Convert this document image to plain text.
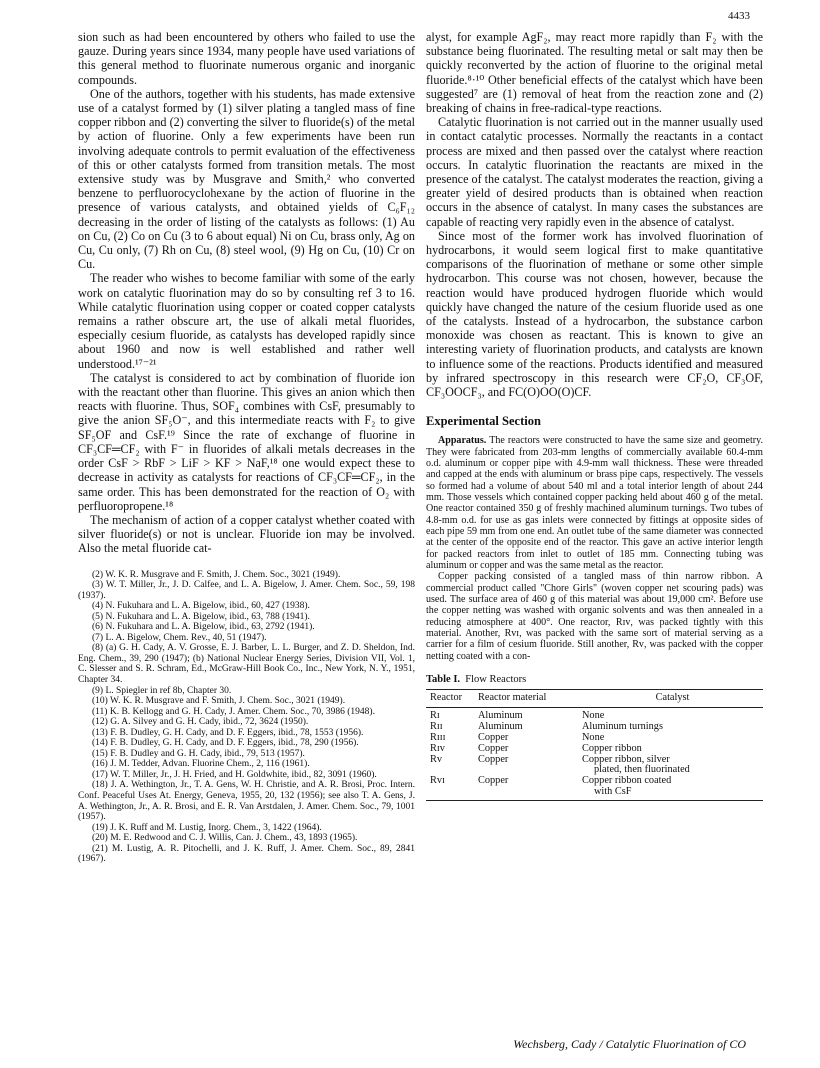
4433

sion such as had been encountered by others who failed to use the gauze. During years since 1934, many people have used variations of this general method to fluorinate numerous organic and inorganic compounds.

One of the authors, together with his students, has made extensive use of a catalyst formed by (1) silver plating a tangled mass of fine copper ribbon and (2) converting the silver to fluoride(s) of the metal by action of fluorine. Only a few experiments have been run involving adequate controls to permit evaluation of the effectiveness of this or other catalysts formed from transition metals. The most extensive study was by Musgrave and Smith,² who converted benzene to perfluorocyclohexane by the action of fluorine in the presence of various catalysts, and obtained yields of C₆F₁₂ decreasing in the order of listing of the catalysts as follows: (1) Au on Cu, (2) Co on Cu (3 to 6 about equal) Ni on Cu, brass only, Ag on Cu, Cu only, (7) Rh on Cu, (8) steel wool, (9) Hg on Cu, (10) Cr on Cu.

The reader who wishes to become familiar with some of the early work on catalytic fluorination may do so by consulting ref 3 to 16. While catalytic fluorination using copper or coated copper catalysts remains a rather obscure art, the use of alkali metal fluorides, especially cesium fluoride, as catalysts has developed rapidly since about 1960 and now is well established and rather well understood.¹⁷⁻²¹

The catalyst is considered to act by combination of fluoride ion with the reactant other than fluorine. This gives an anion which then reacts with fluorine. Thus, SOF₄ combines with CsF, presumably to give the anion SF₅O⁻, and this intermediate reacts with F₂ to give SF₅OF and CsF.¹⁹ Since the rate of exchange of fluorine in CF₃CF═CF₂ with F⁻ in fluorides of alkali metals decreases in the order CsF > RbF > LiF > KF > NaF,¹⁸ one would expect these to decrease in activity as catalysts for reactions of CF₃CF═CF₂, in the same order. This has been demonstrated for the reaction of O₂ with perfluoropropene.¹⁸

The mechanism of action of a copper catalyst whether coated with silver fluoride(s) or not is unclear. Fluoride ion may be involved. Also the metal fluoride cat-

(2) W. K. R. Musgrave and F. Smith, J. Chem. Soc., 3021 (1949).

(3) W. T. Miller, Jr., J. D. Calfee, and L. A. Bigelow, J. Amer. Chem. Soc., 59, 198 (1937).

(4) N. Fukuhara and L. A. Bigelow, ibid., 60, 427 (1938).

(5) N. Fukuhara and L. A. Bigelow, ibid., 63, 788 (1941).

(6) N. Fukuhara and L. A. Bigelow, ibid., 63, 2792 (1941).

(7) L. A. Bigelow, Chem. Rev., 40, 51 (1947).

(8) (a) G. H. Cady, A. V. Grosse, E. J. Barber, L. L. Burger, and Z. D. Sheldon, Ind. Eng. Chem., 39, 290 (1947); (b) National Nuclear Energy Series, Division VII, Vol. 1, C. Slesser and S. R. Schram, Ed., McGraw-Hill Book Co., Inc., New York, N. Y., 1951, Chapter 34.

(9) L. Spiegler in ref 8b, Chapter 30.

(10) W. K. R. Musgrave and F. Smith, J. Chem. Soc., 3021 (1949).

(11) K. B. Kellogg and G. H. Cady, J. Amer. Chem. Soc., 70, 3986 (1948).

(12) G. A. Silvey and G. H. Cady, ibid., 72, 3624 (1950).

(13) F. B. Dudley, G. H. Cady, and D. F. Eggers, ibid., 78, 1553 (1956).

(14) F. B. Dudley, G. H. Cady, and D. F. Eggers, ibid., 78, 290 (1956).

(15) F. B. Dudley and G. H. Cady, ibid., 79, 513 (1957).

(16) J. M. Tedder, Advan. Fluorine Chem., 2, 116 (1961).

(17) W. T. Miller, Jr., J. H. Fried, and H. Goldwhite, ibid., 82, 3091 (1960).

(18) J. A. Wethington, Jr., T. A. Gens, W. H. Christie, and A. R. Brosi, Proc. Intern. Conf. Peaceful Uses At. Energy, Geneva, 1955, 20, 132 (1956); see also T. A. Gens, J. A. Wethington, Jr., A. R. Brosi, and E. R. Van Arstdalen, J. Amer. Chem. Soc., 79, 1001 (1957).

(19) J. K. Ruff and M. Lustig, Inorg. Chem., 3, 1422 (1964).

(20) M. E. Redwood and C. J. Willis, Can. J. Chem., 43, 1893 (1965).

(21) M. Lustig, A. R. Pitochelli, and J. K. Ruff, J. Amer. Chem. Soc., 89, 2841 (1967).

alyst, for example AgF₂, may react more rapidly than F₂ with the substance being fluorinated. The resulting metal or salt may then be quickly reconverted by the action of fluorine to the original metal fluoride.⁸·¹⁰ Other beneficial effects of the catalyst which have been suggested⁷ are (1) removal of heat from the reaction zone and (2) breaking of chains in free-radical-type reactions.

Catalytic fluorination is not carried out in the manner usually used in contact catalytic processes. Normally the reactants in a contact process are mixed and then passed over the catalyst where reaction occurs. In catalytic fluorination the reactants are mixed in the presence of the catalyst. The catalyst moderates the reaction, giving a greater yield of desired products than is obtained when reaction occurs in the absence of catalyst. In many cases the substances are capable of reacting very rapidly even in the absence of catalyst.

Since most of the former work has involved fluorination of hydrocarbons, it would seem logical first to make quantitative comparisons of the fluorination of methane or some other simple hydrocarbon. This course was not chosen, however, because the reaction would have produced hydrogen fluoride which would quickly have changed the nature of the cesium fluoride used as one of the catalysts. Instead of a hydrocarbon, the substance carbon monoxide was chosen as reactant. This is known to give an interesting variety of fluorination products, and catalysts are known to influence some of the reactions. Products identified and measured by infrared spectroscopy in this research were CF₂O, CF₃OF, CF₃OOCF₃, and FC(O)OO(O)CF.

Experimental Section

Apparatus. The reactors were constructed to have the same size and geometry. They were fabricated from 203-mm lengths of commercially available 60.4-mm o.d. aluminum or copper pipe with 4.9-mm wall thickness. These were threaded and capped at the ends with aluminum or brass pipe caps, respectively. The vessels so formed had a volume of about 540 ml and a total interior length of about 244 mm. Those vessels which contained copper packing held about 460 g of the metal. One reactor contained 350 g of freshly machined aluminum turnings. Two tubes of 4.8-mm o.d. for use as gas inlets were connected by fittings at opposite sides of each pipe 59 mm from one end. An outlet tube of the same diameter was connected at the center of the opposite end of the reactor. This gave an active interior length for packed reactors from inlet to outlet of 185 mm. Connecting tubing was aluminum or copper and was the same metal as the reactor.

Copper packing consisted of a tangled mass of thin narrow ribbon. A commercial product called "Chore Girls" (woven copper net scouring pads) was used. The surface area of 460 g of this material was about 19,000 cm². Before use the copper netting was washed with organic solvents and was then annealed in a reducing atmosphere at 400°. One reactor, Rɪᴠ, was packed tightly with this material. Another, Rᴠɪ, was packed with the same sort of material serving as a carrier for a film of cesium fluoride. Still another, Rᴠ, was packed with the copper netting coated with a con-

Table I. Flow Reactors
Reactor	Reactor material	Catalyst

Rɪ	Aluminum	None
Rɪɪ	Aluminum	Aluminum turnings
Rɪɪɪ	Copper	None
Rɪᴠ	Copper	Copper ribbon
Rᴠ	Copper	Copper ribbon, silver
plated, then fluorinated

Rᴠɪ	Copper	Copper ribbon coated
with CsF
Wechsberg, Cady / Catalytic Fluorination of CO
